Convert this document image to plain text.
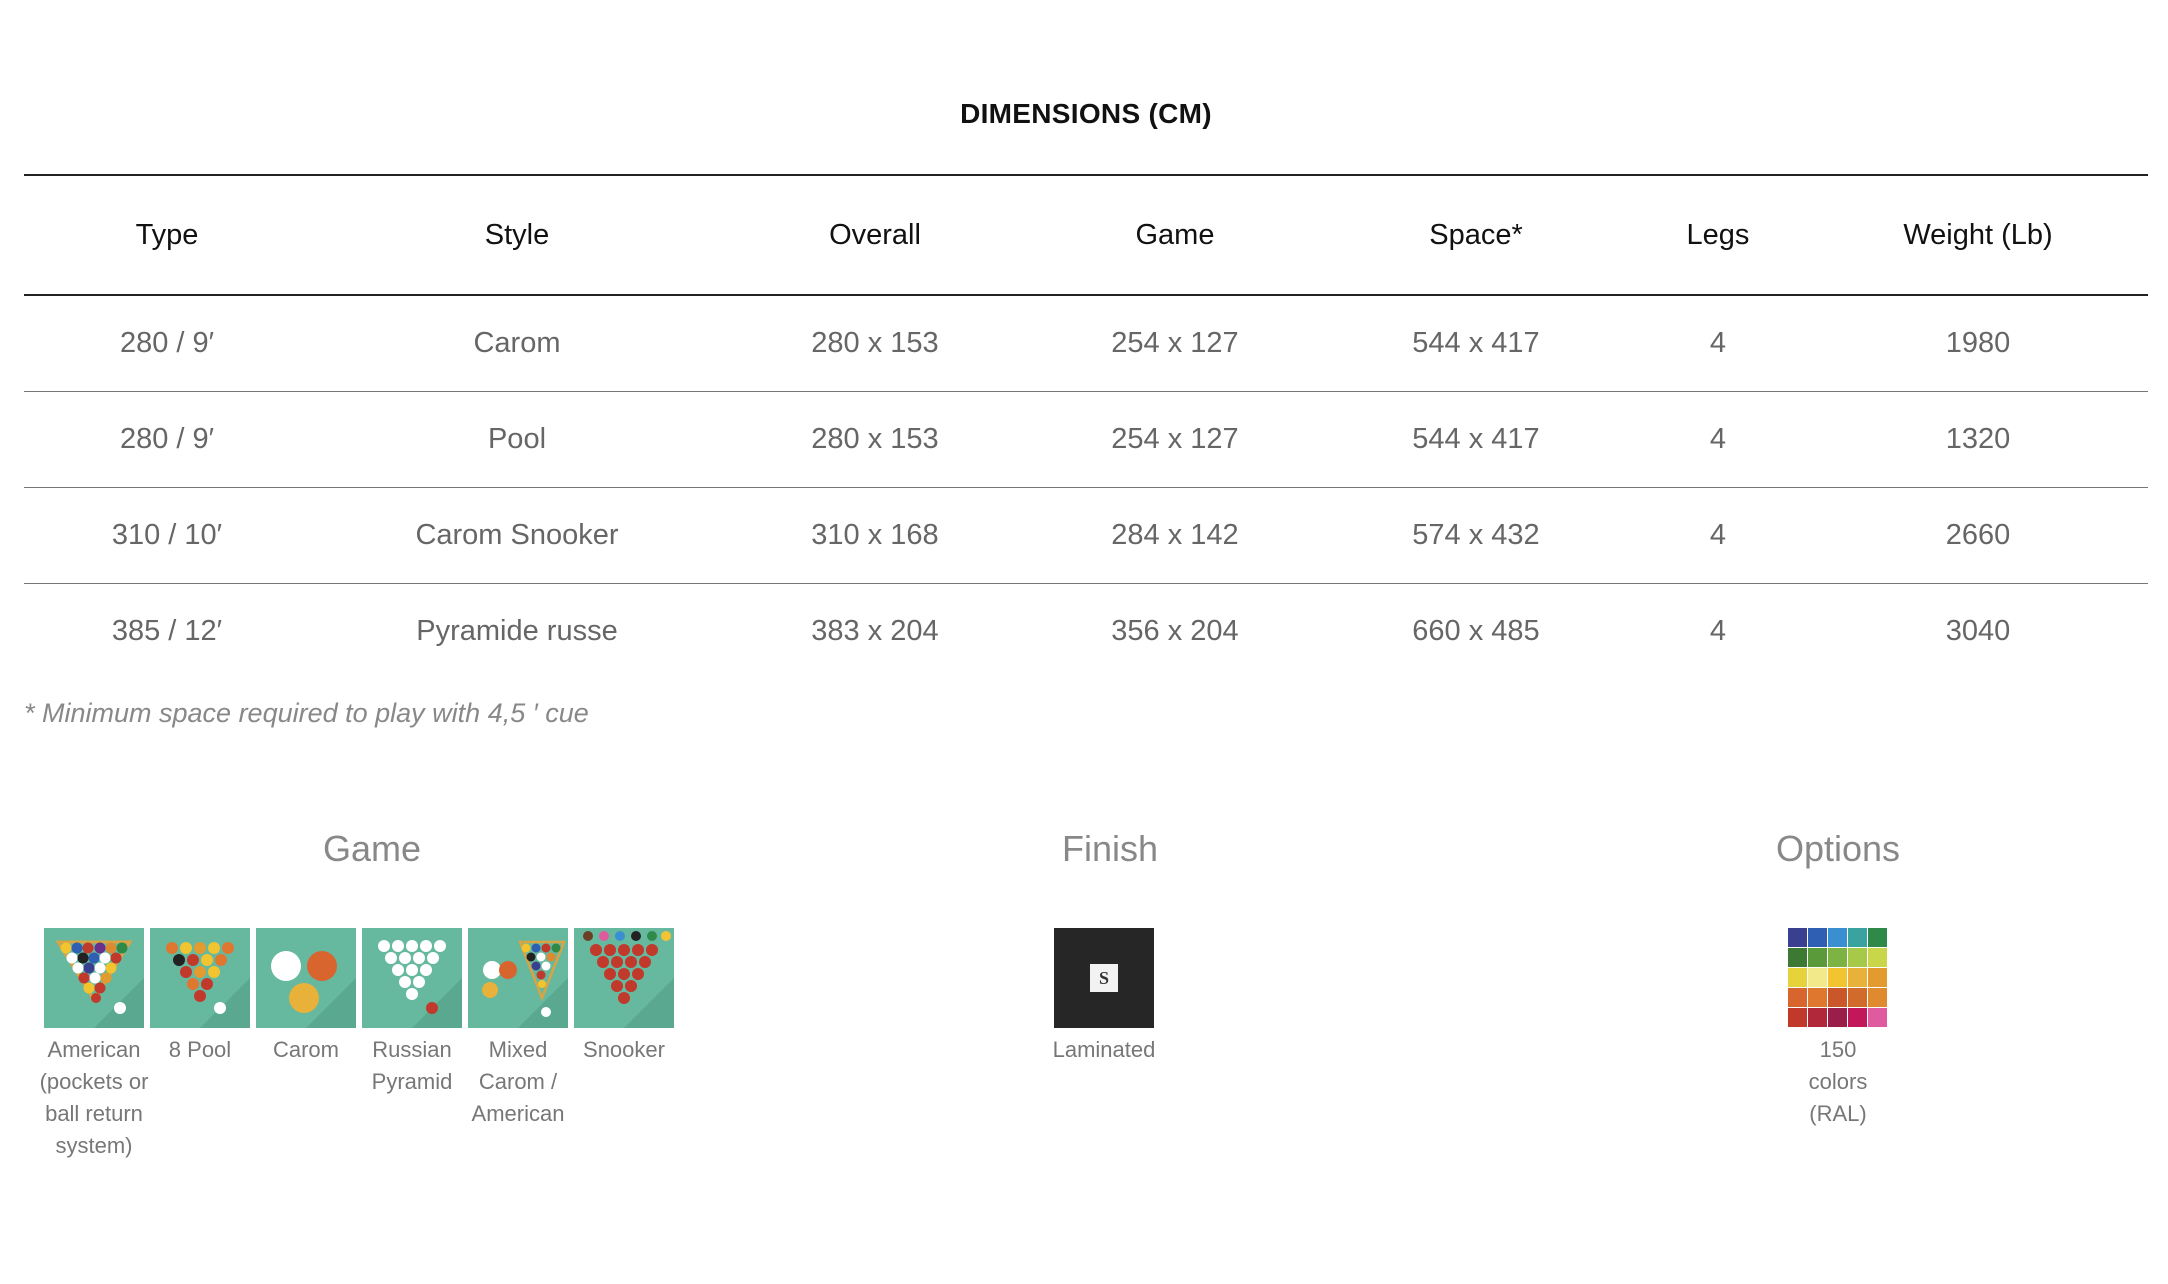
DIMENSIONS (CM)
Type	Style	Overall	Game	Space*	Legs	Weight (Lb)
280 / 9′	Carom	280 x 153	254 x 127	544 x 417	4	1980
280 / 9′	Pool	280 x 153	254 x 127	544 x 417	4	1320
310 / 10′	Carom Snooker	310 x 168	284 x 142	574 x 432	4	2660
385 / 12′	Pyramide russe	383 x 204	356 x 204	660 x 485	4	3040
* Minimum space required to play with 4,5 ′ cue
Game
American (pockets or ball return system)
8 Pool	Carom	Russian Pyramid
Mixed Carom / American
Snooker
Finish
S
Laminated
Options
150 colors (RAL)
